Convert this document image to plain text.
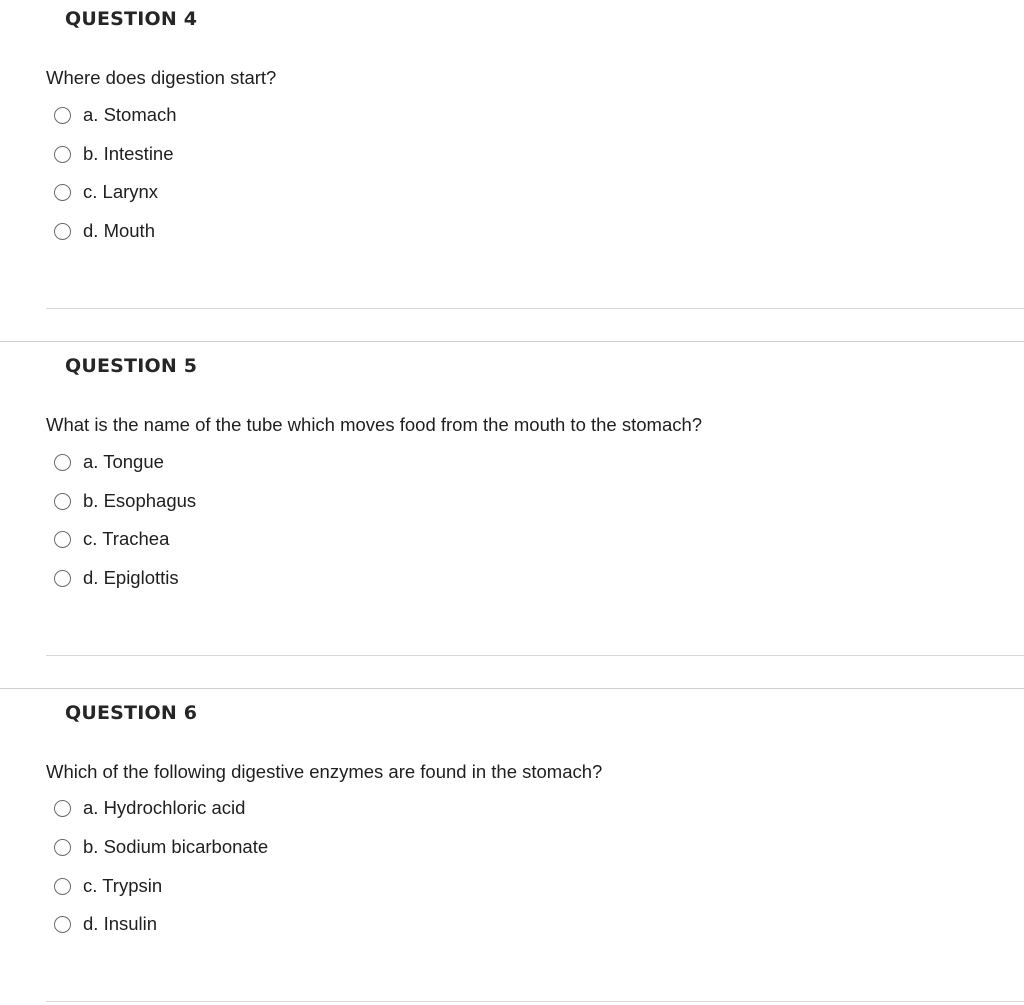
QUESTION 4

Where does digestion start?

a. Stomach
b. Intestine
c. Larynx
d. Mouth
QUESTION 5

What is the name of the tube which moves food from the mouth to the stomach?

a. Tongue
b. Esophagus
c. Trachea
d. Epiglottis
QUESTION 6

Which of the following digestive enzymes are found in the stomach?

a. Hydrochloric acid
b. Sodium bicarbonate
c. Trypsin
d. Insulin
